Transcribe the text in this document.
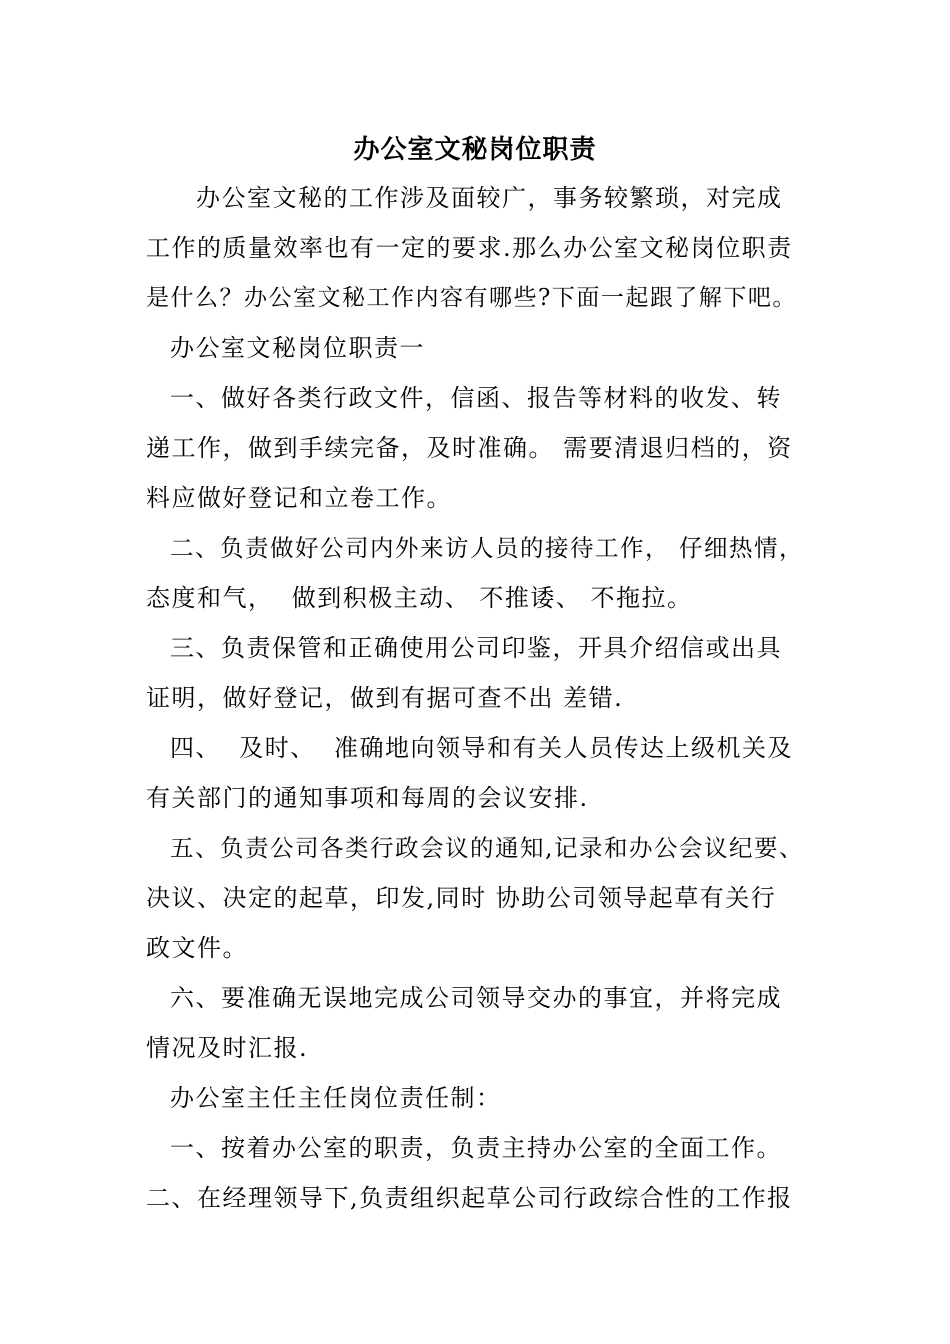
办公室文秘岗位职责
办公室文秘的工作涉及面较广，事务较繁琐，对完成
工作的质量效率也有一定的要求.那么办公室文秘岗位职责
是什么？办公室文秘工作内容有哪些?下面一起跟了解下吧。
办公室文秘岗位职责一
一、做好各类行政文件，信函、报告等材料的收发、转
递工作，做到手续完备，及时准确。 需要清退归档的，资
料应做好登记和立卷工作。
二、负责做好公司内外来访人员的接待工作， 仔细热情，
态度和气，  做到积极主动、 不推诿、 不拖拉。
三、负责保管和正确使用公司印鉴，开具介绍信或出具
证明，做好登记，做到有据可查不出 差错.
四、  及时、  准确地向领导和有关人员传达上级机关及
有关部门的通知事项和每周的会议安排.
五、负责公司各类行政会议的通知,记录和办公会议纪要、
决议、决定的起草，印发,同时 协助公司领导起草有关行
政文件。
六、要准确无误地完成公司领导交办的事宜，并将完成
情况及时汇报.
办公室主任主任岗位责任制：
一、按着办公室的职责，负责主持办公室的全面工作。
二、在经理领导下,负责组织起草公司行政综合性的工作报
